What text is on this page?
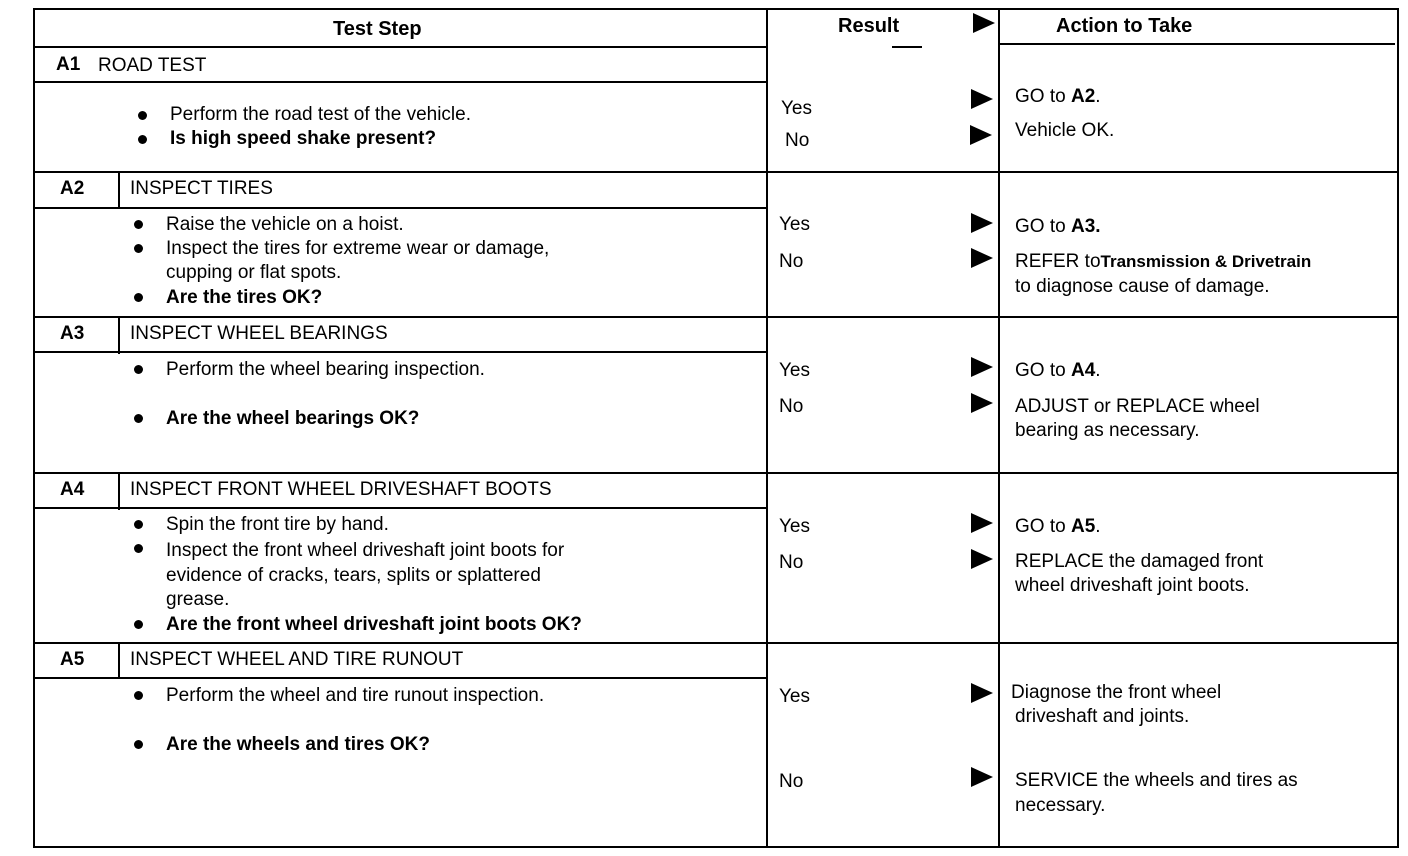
Test Step	Result	Action to Take
A1 ROAD TEST
Perform the road test of the vehicle.
Is high speed shake present?
Yes
No
GO to A2.
Vehicle OK.
A2 INSPECT TIRES
Raise the vehicle on a hoist.
Inspect the tires for extreme wear or damage,
cupping or flat spots.
Are the tires OK?
Yes
No
GO to A3.
REFER toTransmission & Drivetrain
to diagnose cause of damage.
A3 INSPECT WHEEL BEARINGS
Perform the wheel bearing inspection.
Are the wheel bearings OK?
Yes
No
GO to A4.
ADJUST or REPLACE wheel
bearing as necessary.
A4 INSPECT FRONT WHEEL DRIVESHAFT BOOTS
Spin the front tire by hand.
Inspect the front wheel driveshaft joint boots for
evidence of cracks, tears, splits or splattered
grease.
Are the front wheel driveshaft joint boots OK?
Yes
No
GO to A5.
REPLACE the damaged front
wheel driveshaft joint boots.
A5 INSPECT WHEEL AND TIRE RUNOUT
Perform the wheel and tire runout inspection.
Are the wheels and tires OK?
Yes
No
Diagnose the front wheel
driveshaft and joints.
SERVICE the wheels and tires as
necessary.
